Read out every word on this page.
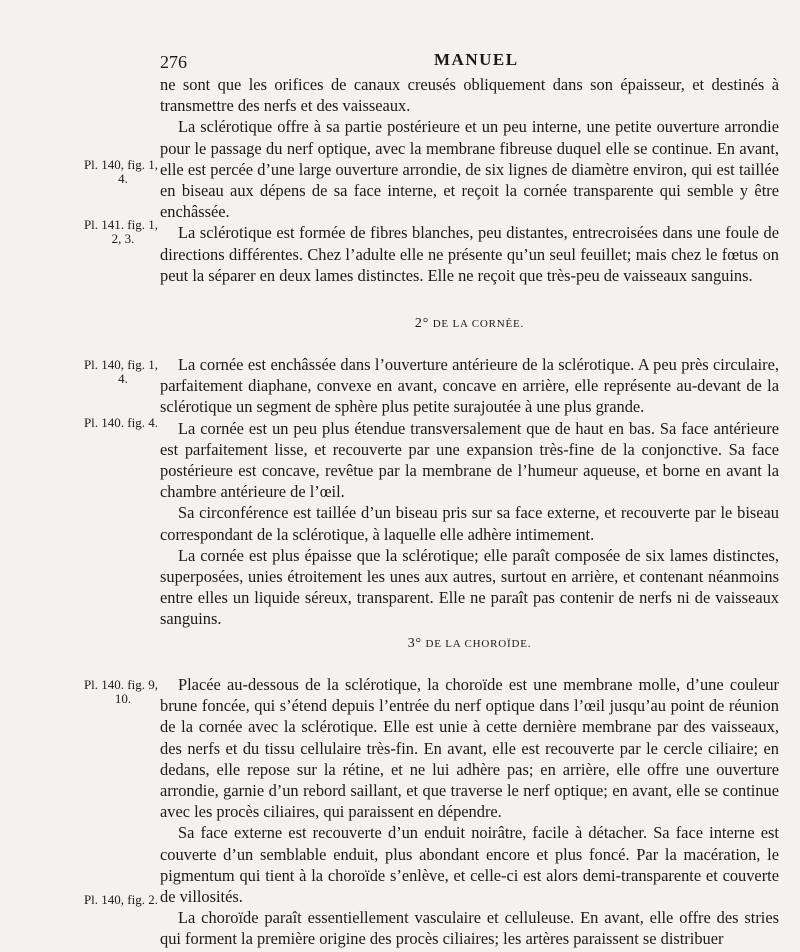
276	MANUEL

ne sont que les orifices de canaux creusés obliquement dans son épaisseur, et destinés à transmettre des nerfs et des vaisseaux.

La sclérotique offre à sa partie postérieure et un peu interne, une petite ouverture arrondie pour le passage du nerf optique, avec la membrane fibreuse duquel elle se continue. En avant, elle est percée d’une large ouverture arrondie, de six lignes de diamètre environ, qui est taillée en biseau aux dépens de sa face interne, et reçoit la cornée transparente qui semble y être enchâssée.

La sclérotique est formée de fibres blanches, peu distantes, entrecroisées dans une foule de directions différentes. Chez l’adulte elle ne présente qu’un seul feuillet; mais chez le fœtus on peut la séparer en deux lames distinctes. Elle ne reçoit que très-peu de vaisseaux sanguins.

Pl. 140, fig. 1,
4.
Pl. 141. fig. 1,
2, 3.
2° DE LA CORNÉE.

La cornée est enchâssée dans l’ouverture antérieure de la sclérotique. A peu près circulaire, parfaitement diaphane, convexe en avant, concave en arrière, elle représente au-devant de la sclérotique un segment de sphère plus petite surajoutée à une plus grande.

La cornée est un peu plus étendue transversalement que de haut en bas. Sa face antérieure est parfaitement lisse, et recouverte par une expansion très-fine de la conjonctive. Sa face postérieure est concave, revêtue par la membrane de l’humeur aqueuse, et borne en avant la chambre antérieure de l’œil.

Sa circonférence est taillée d’un biseau pris sur sa face externe, et recouverte par le biseau correspondant de la sclérotique, à laquelle elle adhère intimement.

La cornée est plus épaisse que la sclérotique; elle paraît composée de six lames distinctes, superposées, unies étroitement les unes aux autres, surtout en arrière, et contenant néanmoins entre elles un liquide séreux, transparent. Elle ne paraît pas contenir de nerfs ni de vaisseaux sanguins.

Pl. 140, fig. 1,
4.
Pl. 140. fig. 4.
3° DE LA CHOROÏDE.

Placée au-dessous de la sclérotique, la choroïde est une membrane molle, d’une couleur brune foncée, qui s’étend depuis l’entrée du nerf optique dans l’œil jusqu’au point de réunion de la cornée avec la sclérotique. Elle est unie à cette dernière membrane par des vaisseaux, des nerfs et du tissu cellulaire très-fin. En avant, elle est recouverte par le cercle ciliaire; en dedans, elle repose sur la rétine, et ne lui adhère pas; en arrière, elle offre une ouverture arrondie, garnie d’un rebord saillant, et que traverse le nerf optique; en avant, elle se continue avec les procès ciliaires, qui paraissent en dépendre.

Sa face externe est recouverte d’un enduit noirâtre, facile à détacher. Sa face interne est couverte d’un semblable enduit, plus abondant encore et plus foncé. Par la macération, le pigmentum qui tient à la choroïde s’enlève, et celle-ci est alors demi-transparente et couverte de villosités.

La choroïde paraît essentiellement vasculaire et celluleuse. En avant, elle offre des stries qui forment la première origine des procès ciliaires; les artères paraissent se distribuer

Pl. 140. fig. 9,
10.
Pl. 140, fig. 2.
